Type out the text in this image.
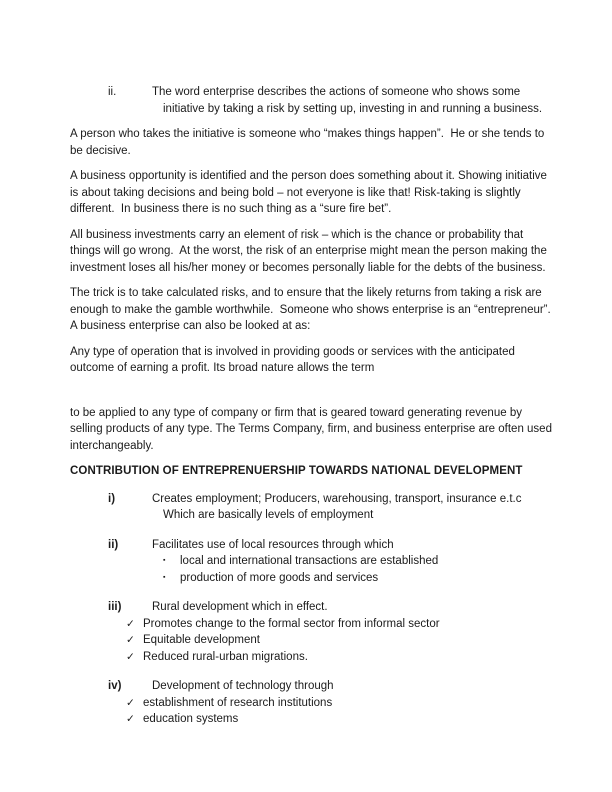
ii.	The word enterprise describes the actions of someone who shows some
initiative by taking a risk by setting up, investing in and running a business.

A person who takes the initiative is someone who “makes things happen”.  He or she tends to be decisive.

A business opportunity is identified and the person does something about it. Showing initiative is about taking decisions and being bold – not everyone is like that! Risk-taking is slightly different.  In business there is no such thing as a “sure fire bet”.

All business investments carry an element of risk – which is the chance or probability that things will go wrong.  At the worst, the risk of an enterprise might mean the person making the investment loses all his/her money or becomes personally liable for the debts of the business.

The trick is to take calculated risks, and to ensure that the likely returns from taking a risk are enough to make the gamble worthwhile.  Someone who shows enterprise is an “entrepreneur”. A business enterprise can also be looked at as:

Any type of operation that is involved in providing goods or services with the anticipated outcome of earning a profit. Its broad nature allows the term

to be applied to any type of company or firm that is geared toward generating revenue by selling products of any type. The Terms Company, firm, and business enterprise are often used interchangeably.

CONTRIBUTION OF ENTREPRENUERSHIP TOWARDS NATIONAL DEVELOPMENT
i)	Creates employment; Producers, warehousing, transport, insurance e.t.c
Which are basically levels of employment
ii)	Facilitates use of local resources through which
▪	local and international transactions are established
▪	production of more goods and services
iii)	Rural development which in effect.
✓ Promotes change to the formal sector from informal sector
✓ Equitable development
✓ Reduced rural-urban migrations.
iv)	Development of technology through
✓ establishment of research institutions
✓ education systems
